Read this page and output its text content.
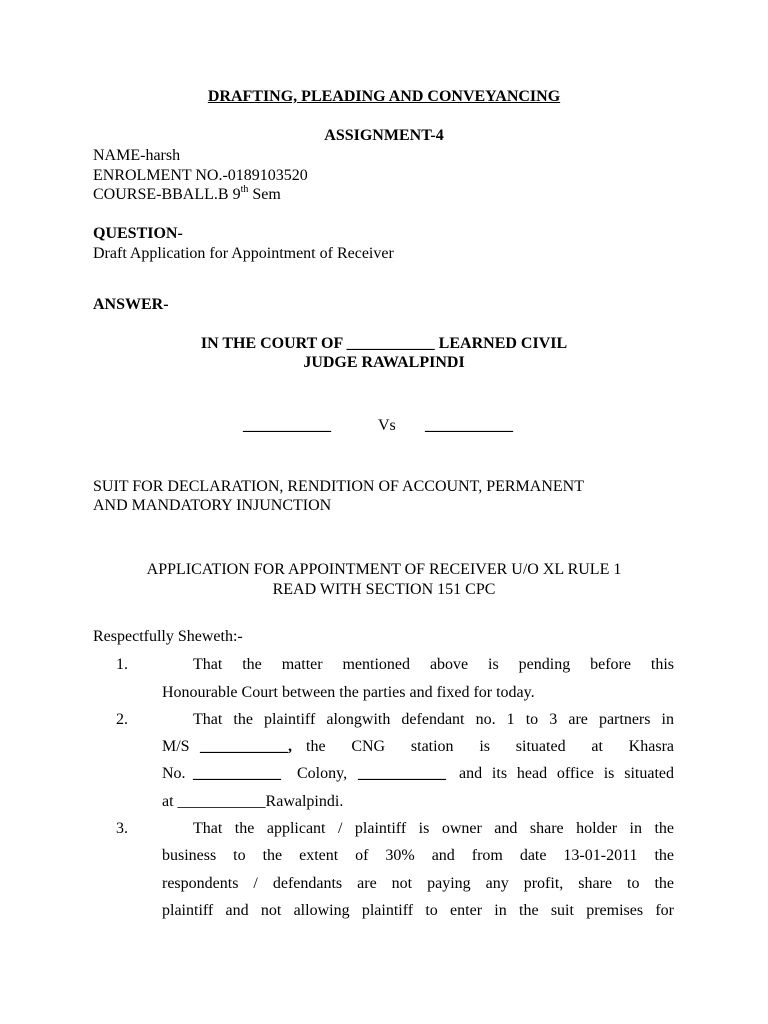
DRAFTING, PLEADING AND CONVEYANCING
ASSIGNMENT-4
NAME-harsh
ENROLMENT NO.-0189103520
COURSE-BBALL.B 9th Sem
QUESTION-
Draft Application for Appointment of Receiver
ANSWER-
IN THE COURT OF ___________ LEARNED CIVIL
JUDGE RAWALPINDI
___________	Vs ___________
SUIT FOR DECLARATION, RENDITION OF ACCOUNT, PERMANENT
AND MANDATORY INJUNCTION
APPLICATION FOR APPOINTMENT OF RECEIVER U/O XL RULE 1
READ WITH SECTION 151 CPC
Respectfully Sheweth:-
1.	That the matter mentioned above is pending before this
Honourable Court between the parties and fixed for today.
2.	That the plaintiff alongwith defendant no. 1 to 3 are partners in
M/S ___________, the CNG station is situated at Khasra
No. ___________ Colony, ___________ and its head office is situated
at ___________Rawalpindi.
3.	That the applicant / plaintiff is owner and share holder in the
business to the extent of 30% and from date 13-01-2011 the
respondents / defendants are not paying any profit, share to the
plaintiff and not allowing plaintiff to enter in the suit premises for
